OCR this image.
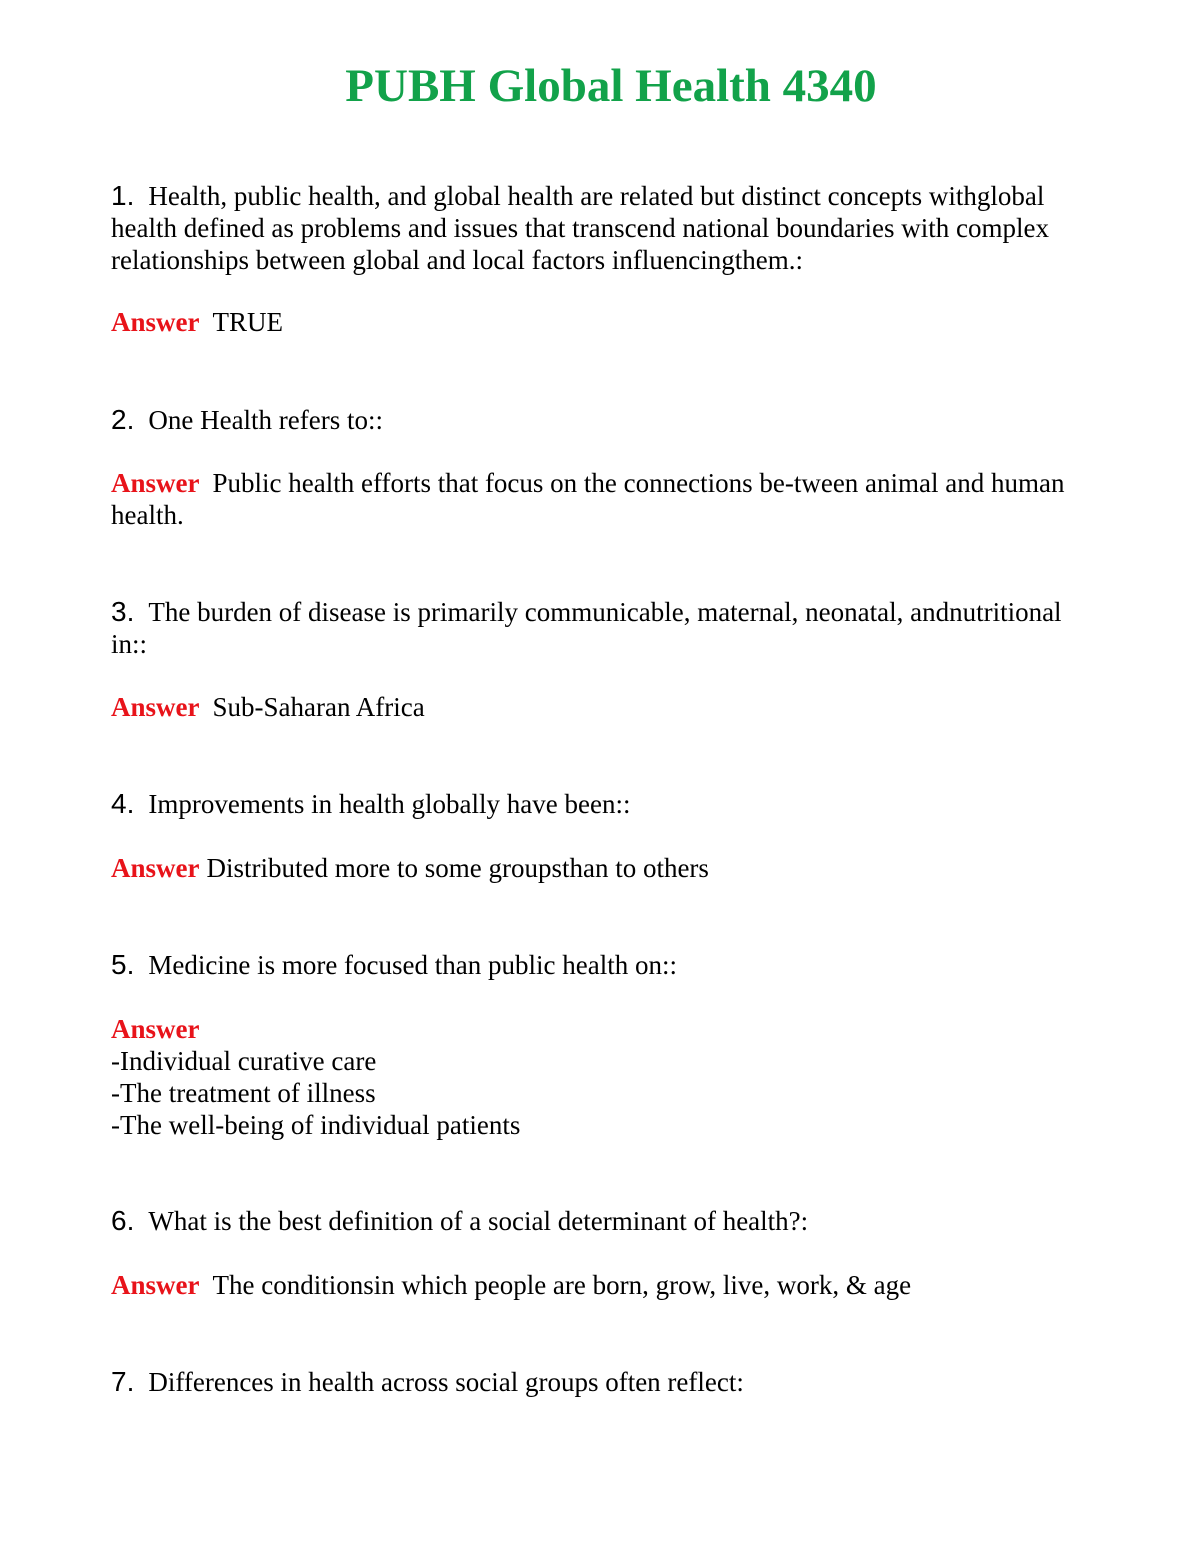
PUBH Global Health 4340

1. Health, public health, and global health are related but distinct concepts withglobal health defined as problems and issues that transcend national boundaries with complex relationships between global and local factors influencingthem.:

Answer TRUE

2. One Health refers to::

Answer Public health efforts that focus on the connections be-tween animal and human health.

3. The burden of disease is primarily communicable, maternal, neonatal, andnutritional in::

Answer Sub-Saharan Africa

4. Improvements in health globally have been::

Answer Distributed more to some groupsthan to others

5. Medicine is more focused than public health on::

Answer

-Individual curative care
-The treatment of illness
-The well-being of individual patients

6. What is the best definition of a social determinant of health?:

Answer The conditionsin which people are born, grow, live, work, & age

7. Differences in health across social groups often reflect:
